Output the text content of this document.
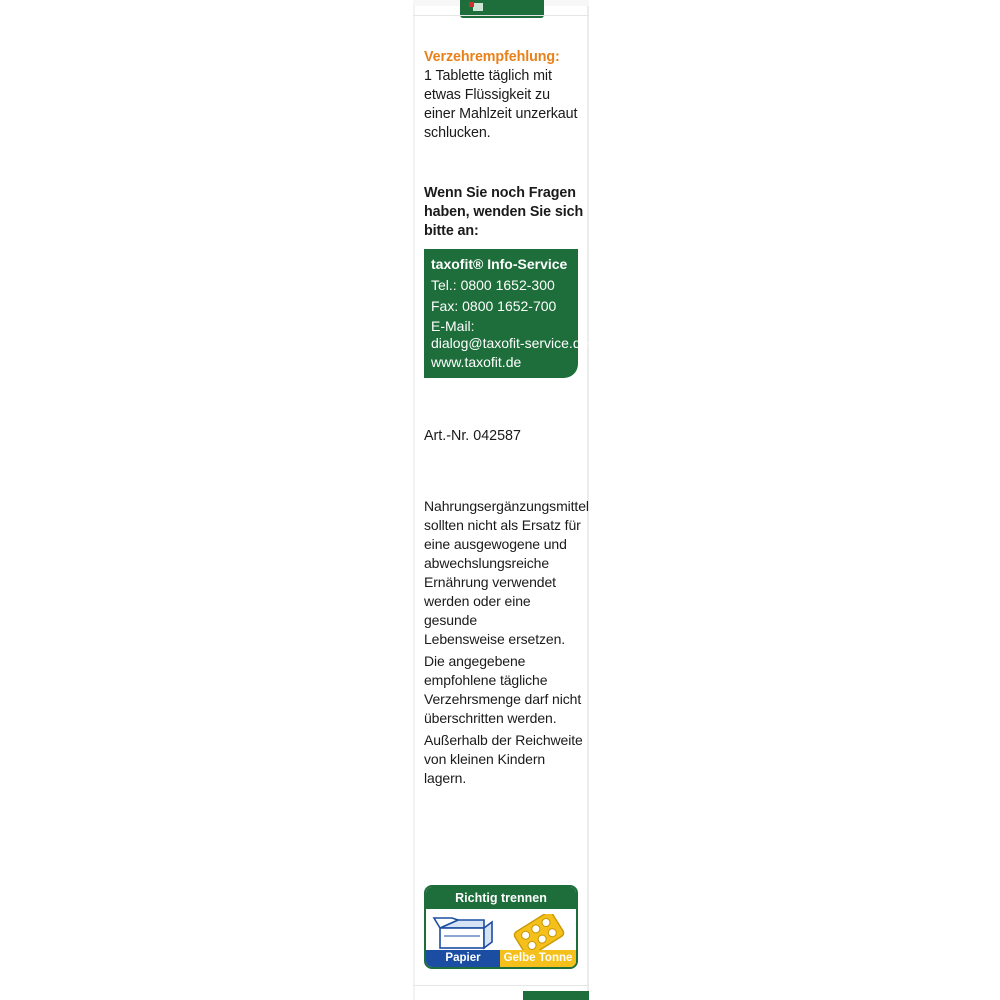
Verzehrempfehlung:
1 Tablette täglich mit
etwas Flüssigkeit zu
einer Mahlzeit unzerkaut
schlucken.
Wenn Sie noch Fragen
haben, wenden Sie sich
bitte an:
taxofit® Info-Service
Tel.: 0800 1652-300
Fax: 0800 1652-700
E-Mail:
dialog@taxofit-service.de
www.taxofit.de
Art.-Nr. 042587
Nahrungsergänzungsmittel
sollten nicht als Ersatz für
eine ausgewogene und
abwechslungsreiche
Ernährung verwendet
werden oder eine gesunde
Lebensweise ersetzen.
Die angegebene
empfohlene tägliche
Verzehrsmenge darf nicht
überschritten werden.
Außerhalb der Reichweite
von kleinen Kindern lagern.
Richtig trennen
Papier	Gelbe Tonne
